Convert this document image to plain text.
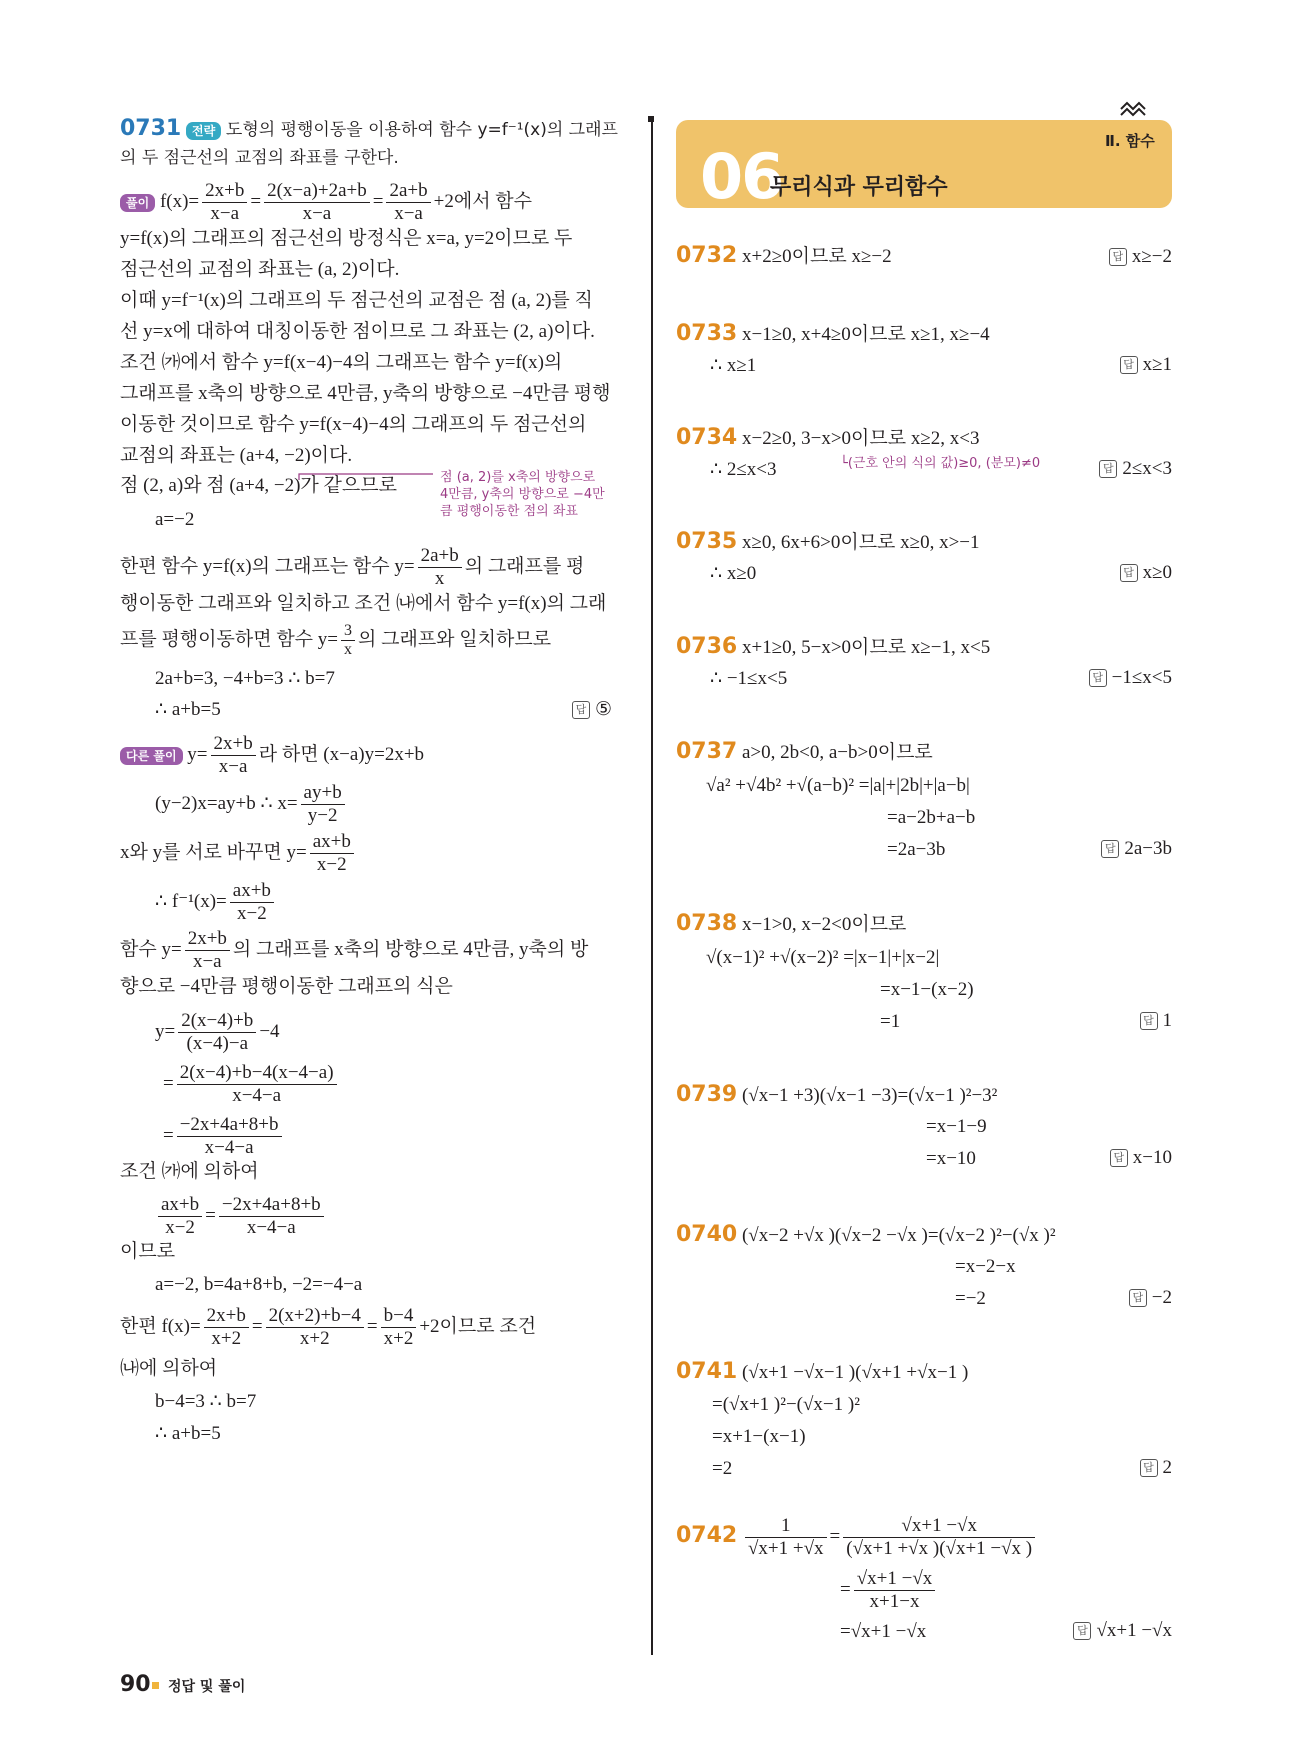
Ⅱ. 함수
06
무리식과 무리함수
0731 전략 도형의 평행이동을 이용하여 함수 y=f⁻¹(x)의 그래프
의 두 점근선의 교점의 좌표를 구한다.
풀이 $f(x)= \frac{2x+b}{x-a} = \frac{2(x-a)+2a+b}{x-a} = \frac{2a+b}{x-a} +2$에서 함수
y=f(x)의 그래프의 점근선의 방정식은 x=a, y=2이므로 두
점근선의 교점의 좌표는 (a, 2)이다.
이때 y=f⁻¹(x)의 그래프의 두 점근선의 교점은 점 (a, 2)를 직
선 y=x에 대하여 대칭이동한 점이므로 그 좌표는 (2, a)이다.
조건 ㈎에서 함수 y=f(x−4)−4의 그래프는 함수 y=f(x)의
그래프를 x축의 방향으로 4만큼, y축의 방향으로 −4만큼 평행
이동한 것이므로 함수 y=f(x−4)−4의 그래프의 두 점근선의
교점의 좌표는 (a+4, −2)이다.
점 (2, a)와 점 (a+4, −2)가 같으므로	점 (a, 2)를 x축의 방향으로
4만큼, y축의 방향으로 −4만
큼 평행이동한 점의 좌표
a=−2
한편 함수 y=f(x)의 그래프는 함수 $y= \frac{2a+b}{x}$ 의 그래프를 평
행이동한 그래프와 일치하고 조건 ㈏에서 함수 y=f(x)의 그래
프를 평행이동하면 함수 $y= \frac{3}{x}$ 의 그래프와 일치하므로
2a+b=3, −4+b=3 ∴ b=7
∴ a+b=5	답 ⑤
다른 풀이 $y= \frac{2x+b}{x-a}$ 라 하면 (x−a)y=2x+b
(y−2)x=ay+b ∴ $x= \frac{ay+b}{y-2}$
x와 y를 서로 바꾸면 $y= \frac{ax+b}{x-2}$
∴ $f^{-1}(x)= \frac{ax+b}{x-2}$
함수 $y= \frac{2x+b}{x-a}$ 의 그래프를 x축의 방향으로 4만큼, y축의 방
향으로 −4만큼 평행이동한 그래프의 식은
$y= \frac{2(x-4)+b}{(x-4)-a} -4$
= $\frac{2(x-4)+b-4(x-4-a)}{x-4-a}$
= $\frac{-2x+4a+8+b}{x-4-a}$
조건 ㈎에 의하여
$\frac{ax+b}{x-2} = \frac{-2x+4a+8+b}{x-4-a}$
이므로
a=−2, b=4a+8+b, −2=−4−a
한편 $f(x)= \frac{2x+b}{x+2} = \frac{2(x+2)+b-4}{x+2} = \frac{b-4}{x+2} +2$이므로 조건
㈏에 의하여
b−4=3 ∴ b=7
∴ a+b=5
0732 x+2≥0이므로 x≥−2	답 x≥−2
0733 x−1≥0, x+4≥0이므로 x≥1, x≥−4
∴ x≥1	답 x≥1
0734 x−2≥0, 3−x>0이므로 x≥2, x<3
└(근호 안의 식의 값)≥0, (분모)≠0
∴ 2≤x<3	답 2≤x<3
0735 x≥0, 6x+6>0이므로 x≥0, x>−1
∴ x≥0	답 x≥0
0736 x+1≥0, 5−x>0이므로 x≥−1, x<5
∴ −1≤x<5	답 −1≤x<5
0737 a>0, 2b<0, a−b>0이므로
√a² +√4b² +√(a−b)² =|a|+|2b|+|a−b|
=a−2b+a−b
=2a−3b	답 2a−3b
0738 x−1>0, x−2<0이므로
√(x−1)² +√(x−2)² =|x−1|+|x−2|
=x−1−(x−2)
=1	답 1
0739 (√x−1 +3)(√x−1 −3)=(√x−1 )²−3²
=x−1−9
=x−10	답 x−10
0740 (√x−2 +√x )(√x−2 −√x )=(√x−2 )²−(√x )²
=x−2−x
=−2	답 −2
0741 (√x+1 −√x−1 )(√x+1 +√x−1 )
=(√x+1 )²−(√x−1 )²
=x+1−(x−1)
=2	답 2
$0742 \frac{1}{√x+1 +√x} = \frac{√x+1 -√x}{(√x+1 +√x )(√x+1 -√x )}$
= $\frac{√x+1 -√x}{x+1-x}$
=√x+1 −√x	답 √x+1 −√x
90 정답 및 풀이
